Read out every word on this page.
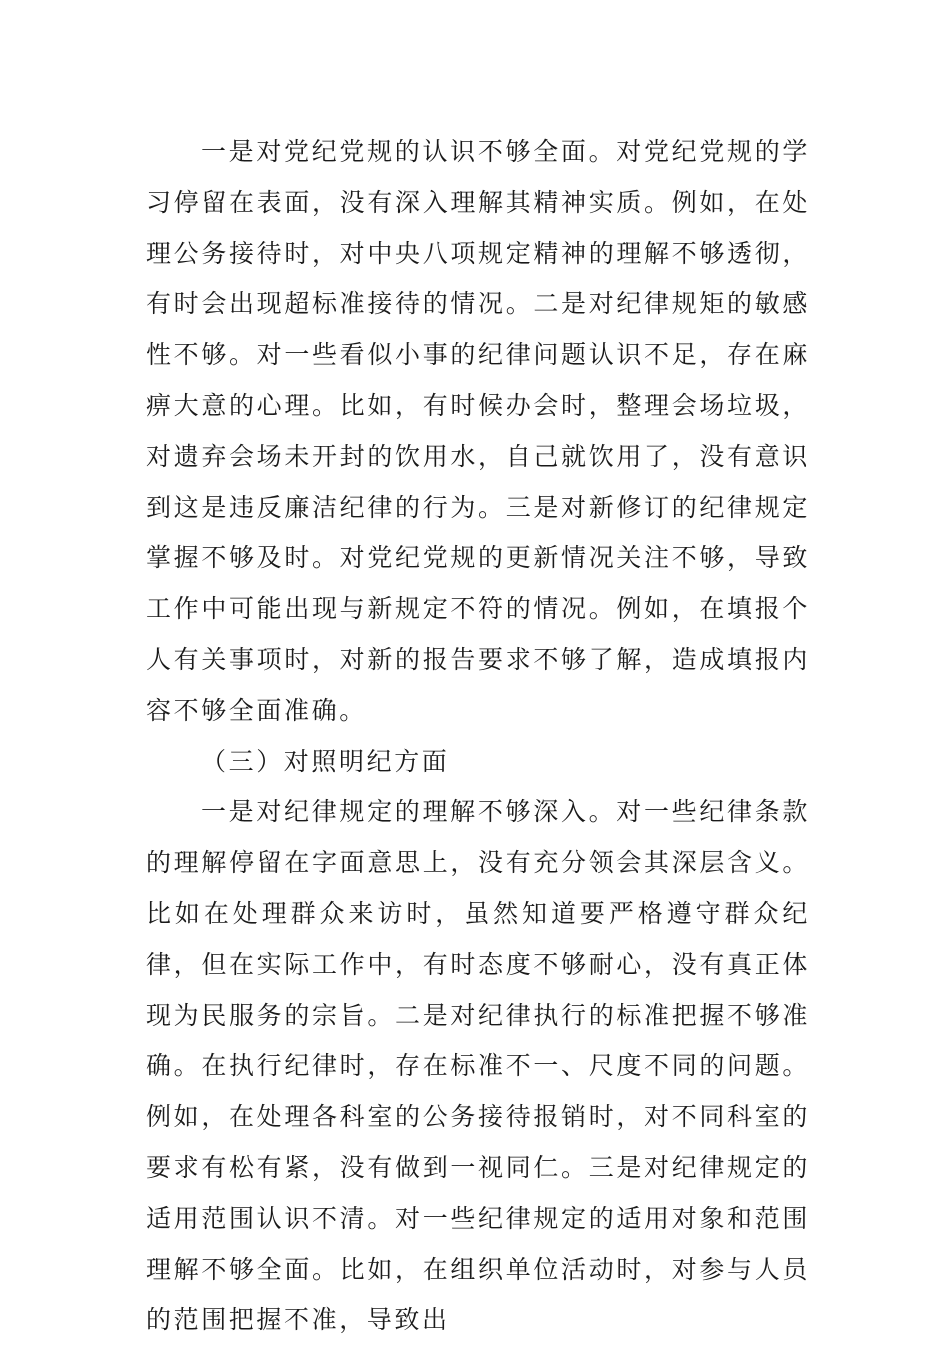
一是对党纪党规的认识不够全面。对党纪党规的学习停留在表面，没有深入理解其精神实质。例如，在处理公务接待时，对中央八项规定精神的理解不够透彻，有时会出现超标准接待的情况。二是对纪律规矩的敏感性不够。对一些看似小事的纪律问题认识不足，存在麻痹大意的心理。比如，有时候办会时，整理会场垃圾，对遗弃会场未开封的饮用水，自己就饮用了，没有意识到这是违反廉洁纪律的行为。三是对新修订的纪律规定掌握不够及时。对党纪党规的更新情况关注不够，导致工作中可能出现与新规定不符的情况。例如，在填报个人有关事项时，对新的报告要求不够了解，造成填报内容不够全面准确。

（三）对照明纪方面

一是对纪律规定的理解不够深入。对一些纪律条款的理解停留在字面意思上，没有充分领会其深层含义。比如在处理群众来访时，虽然知道要严格遵守群众纪律，但在实际工作中，有时态度不够耐心，没有真正体现为民服务的宗旨。二是对纪律执行的标准把握不够准确。在执行纪律时，存在标准不一、尺度不同的问题。例如，在处理各科室的公务接待报销时，对不同科室的要求有松有紧，没有做到一视同仁。三是对纪律规定的适用范围认识不清。对一些纪律规定的适用对象和范围理解不够全面。比如，在组织单位活动时，对参与人员的范围把握不准，导致出
